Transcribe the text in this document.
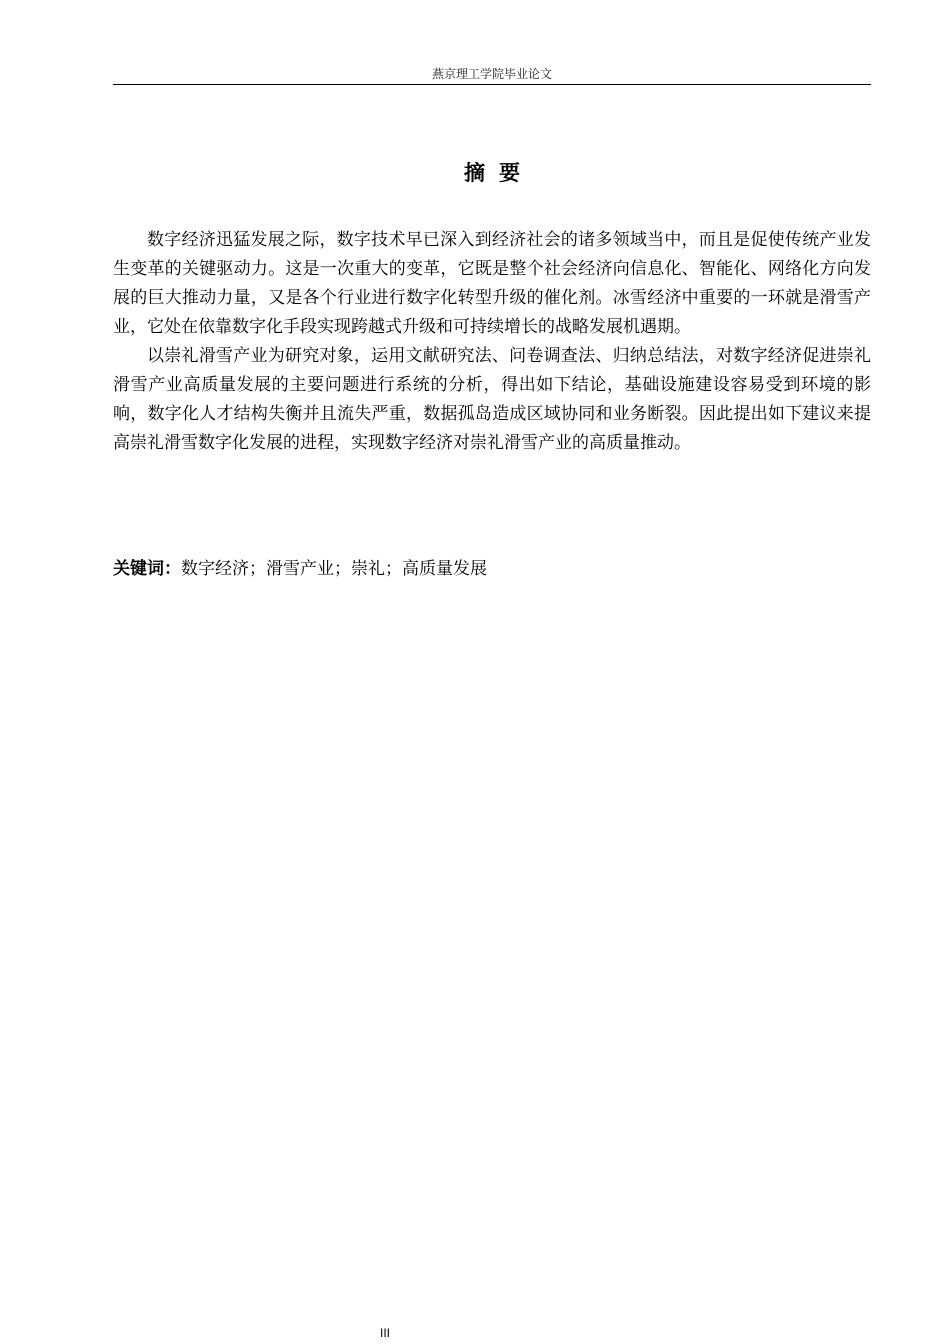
燕京理工学院毕业论文
摘要

数字经济迅猛发展之际，数字技术早已深入到经济社会的诸多领域当中，而且是促使传统产业发生变革的关键驱动力。这是一次重大的变革，它既是整个社会经济向信息化、智能化、网络化方向发展的巨大推动力量，又是各个行业进行数字化转型升级的催化剂。冰雪经济中重要的一环就是滑雪产业，它处在依靠数字化手段实现跨越式升级和可持续增长的战略发展机遇期。

以崇礼滑雪产业为研究对象，运用文献研究法、问卷调查法、归纳总结法，对数字经济促进崇礼滑雪产业高质量发展的主要问题进行系统的分析，得出如下结论，基础设施建设容易受到环境的影响，数字化人才结构失衡并且流失严重，数据孤岛造成区域协同和业务断裂。因此提出如下建议来提高崇礼滑雪数字化发展的进程，实现数字经济对崇礼滑雪产业的高质量推动。

关键词：数字经济；滑雪产业；崇礼；高质量发展
III
